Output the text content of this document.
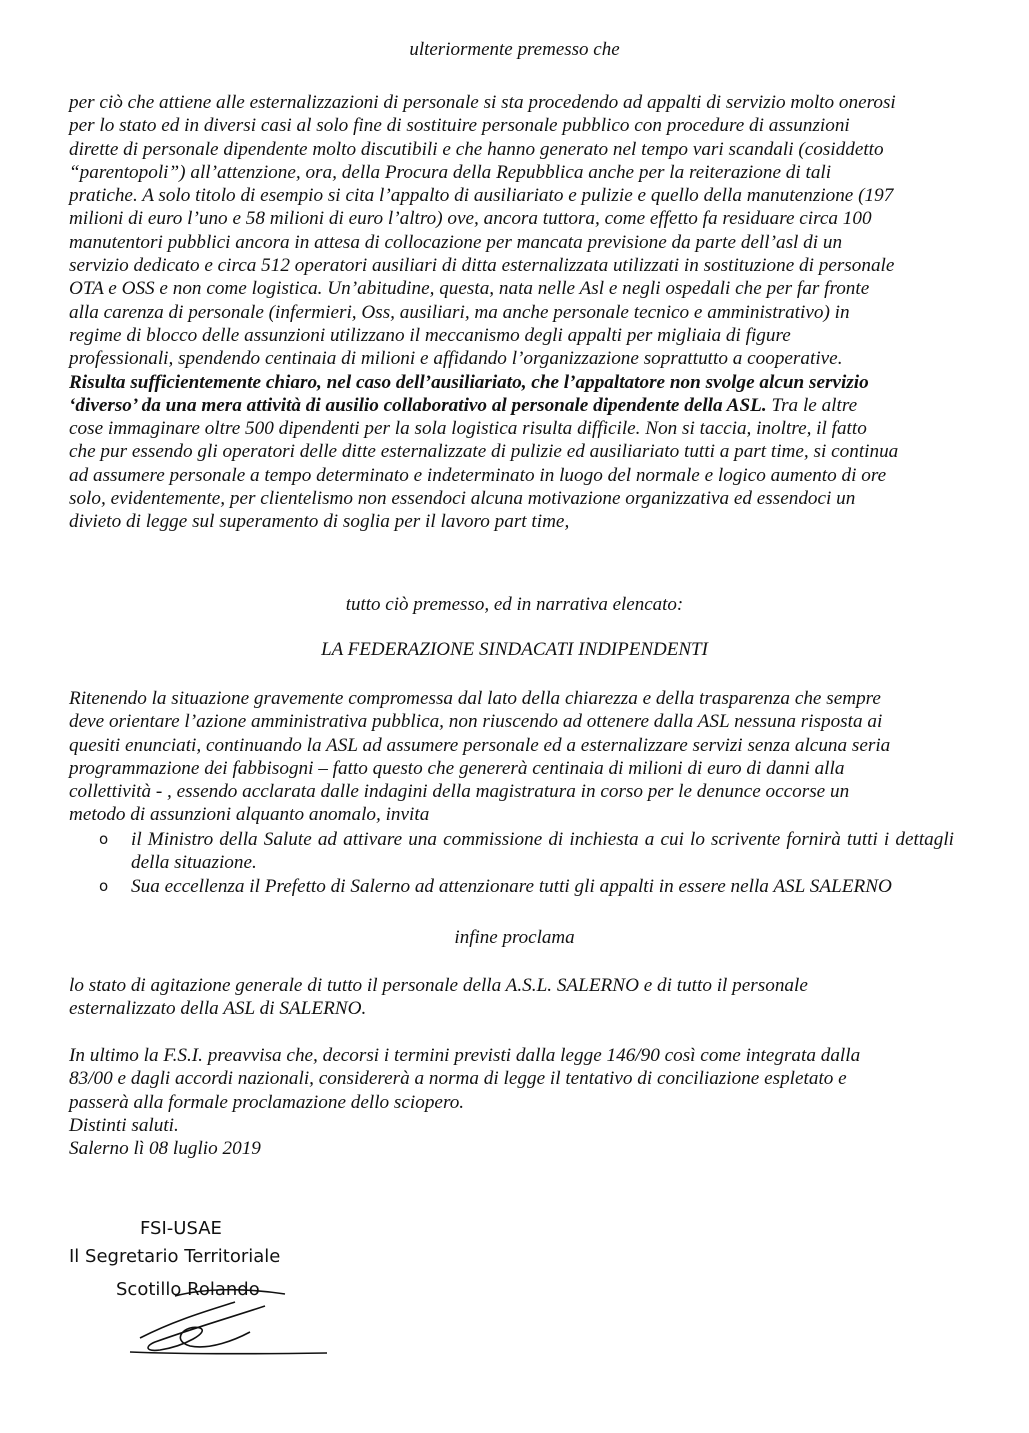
ulteriormente premesso che
per ciò che attiene alle esternalizzazioni di personale si sta procedendo ad appalti di servizio molto onerosi
per lo stato ed in diversi casi al solo fine di sostituire personale pubblico con procedure di assunzioni
dirette di personale dipendente molto discutibili e che hanno generato nel tempo vari scandali (cosiddetto
“parentopoli”) all’attenzione, ora, della Procura della Repubblica anche per la reiterazione di tali
pratiche. A solo titolo di esempio si cita l’appalto di ausiliariato e pulizie e quello della manutenzione (197
milioni di euro l’uno e 58 milioni di euro l’altro) ove, ancora tuttora, come effetto fa residuare circa 100
manutentori pubblici ancora in attesa di collocazione per mancata previsione da parte dell’asl di un
servizio dedicato e circa 512 operatori ausiliari di ditta esternalizzata utilizzati in sostituzione di personale
OTA e OSS e non come logistica. Un’abitudine, questa, nata nelle Asl e negli ospedali che per far fronte
alla carenza di personale (infermieri, Oss, ausiliari, ma anche personale tecnico e amministrativo) in
regime di blocco delle assunzioni utilizzano il meccanismo degli appalti per migliaia di figure
professionali, spendendo centinaia di milioni e affidando l’organizzazione soprattutto a cooperative.
Risulta sufficientemente chiaro, nel caso dell’ausiliariato, che l’appaltatore non svolge alcun servizio
‘diverso’ da una mera attività di ausilio collaborativo al personale dipendente della ASL. Tra le altre
cose immaginare oltre 500 dipendenti per la sola logistica risulta difficile. Non si taccia, inoltre, il fatto
che pur essendo gli operatori delle ditte esternalizzate di pulizie ed ausiliariato tutti a part time, si continua
ad assumere personale a tempo determinato e indeterminato in luogo del normale e logico aumento di ore
solo, evidentemente, per clientelismo non essendoci alcuna motivazione organizzativa ed essendoci un
divieto di legge sul superamento di soglia per il lavoro part time,
tutto ciò premesso, ed in narrativa elencato:
LA FEDERAZIONE SINDACATI INDIPENDENTI
Ritenendo la situazione gravemente compromessa dal lato della chiarezza e della trasparenza che sempre
deve orientare l’azione amministrativa pubblica, non riuscendo ad ottenere dalla ASL nessuna risposta ai
quesiti enunciati, continuando la ASL ad assumere personale ed a esternalizzare servizi senza alcuna seria
programmazione dei fabbisogni – fatto questo che genererà centinaia di milioni di euro di danni alla
collettività - , essendo acclarata dalle indagini della magistratura in corso per le denunce occorse un
metodo di assunzioni alquanto anomalo, invita
o il Ministro della Salute ad attivare una commissione di inchiesta a cui lo scrivente fornirà tutti i dettagli della situazione.
o Sua eccellenza il Prefetto di Salerno ad attenzionare tutti gli appalti in essere nella ASL SALERNO
infine proclama
lo stato di agitazione generale di tutto il personale della A.S.L. SALERNO e di tutto il personale
esternalizzato della ASL di SALERNO.
In ultimo la F.S.I. preavvisa che, decorsi i termini previsti dalla legge 146/90 così come integrata dalla
83/00 e dagli accordi nazionali, considererà a norma di legge il tentativo di conciliazione espletato e
passerà alla formale proclamazione dello sciopero.
Distinti saluti.
Salerno lì 08 luglio 2019
FSI-USAE
Il Segretario Territoriale
Scotillo Rolando
